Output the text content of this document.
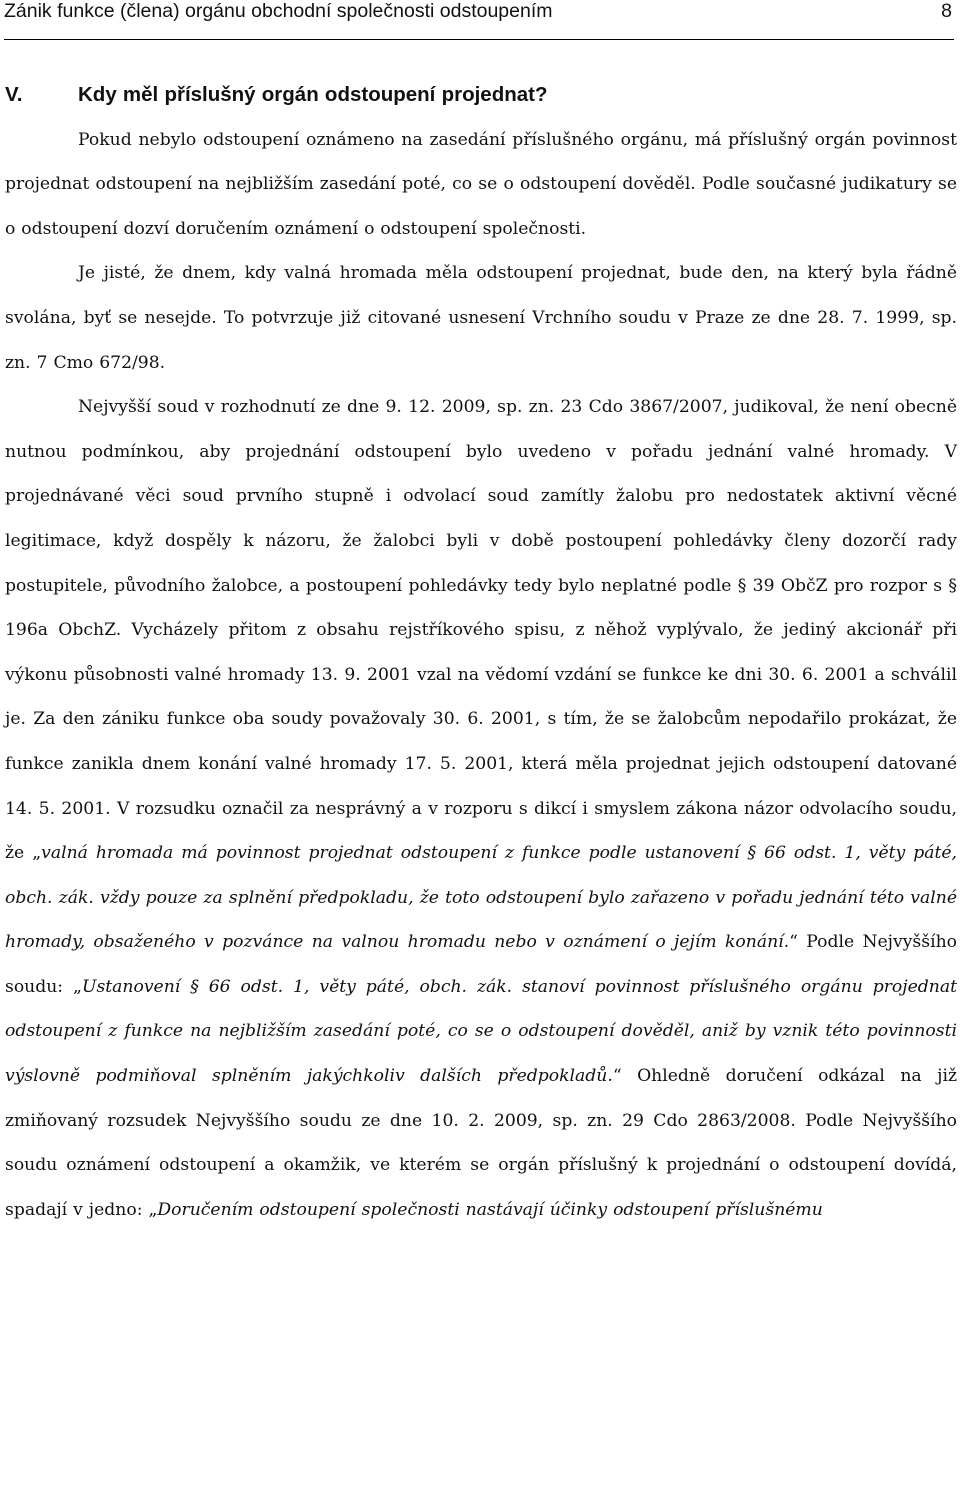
Zánik funkce (člena) orgánu obchodní společnosti odstoupením	8
V.	Kdy měl příslušný orgán odstoupení projednat?

Pokud nebylo odstoupení oznámeno na zasedání příslušného orgánu, má příslušný orgán povinnost projednat odstoupení na nejbližším zasedání poté, co se o odstoupení dověděl. Podle současné judikatury se o odstoupení dozví doručením oznámení o odstoupení společnosti.

Je jisté, že dnem, kdy valná hromada měla odstoupení projednat, bude den, na který byla řádně svolána, byť se nesejde. To potvrzuje již citované usnesení Vrchního soudu v Praze ze dne 28. 7. 1999, sp. zn. 7 Cmo 672/98.

Nejvyšší soud v rozhodnutí ze dne 9. 12. 2009, sp. zn. 23 Cdo 3867/2007, judikoval, že není obecně nutnou podmínkou, aby projednání odstoupení bylo uvedeno v pořadu jednání valné hromady. V projednávané věci soud prvního stupně i odvolací soud zamítly žalobu pro nedostatek aktivní věcné legitimace, když dospěly k názoru, že žalobci byli v době postoupení pohledávky členy dozorčí rady postupitele, původního žalobce, a postoupení pohledávky tedy bylo neplatné podle § 39 ObčZ pro rozpor s § 196a ObchZ. Vycházely přitom z obsahu rejstříkového spisu, z něhož vyplývalo, že jediný akcionář při výkonu působnosti valné hromady 13. 9. 2001 vzal na vědomí vzdání se funkce ke dni 30. 6. 2001 a schválil je. Za den zániku funkce oba soudy považovaly 30. 6. 2001, s tím, že se žalobcům nepodařilo prokázat, že funkce zanikla dnem konání valné hromady 17. 5. 2001, která měla projednat jejich odstoupení datované 14. 5. 2001. V rozsudku označil za nesprávný a v rozporu s dikcí i smyslem zákona názor odvolacího soudu, že „valná hromada má povinnost projednat odstoupení z funkce podle ustanovení § 66 odst. 1, věty páté, obch. zák. vždy pouze za splnění předpokladu, že toto odstoupení bylo zařazeno v pořadu jednání této valné hromady, obsaženého v pozvánce na valnou hromadu nebo v oznámení o jejím konání.“ Podle Nejvyššího soudu: „Ustanovení § 66 odst. 1, věty páté, obch. zák. stanoví povinnost příslušného orgánu projednat odstoupení z funkce na nejbližším zasedání poté, co se o odstoupení dověděl, aniž by vznik této povinnosti výslovně podmiňoval splněním jakýchkoliv dalších předpokladů.“ Ohledně doručení odkázal na již zmiňovaný rozsudek Nejvyššího soudu ze dne 10. 2. 2009, sp. zn. 29 Cdo 2863/2008. Podle Nejvyššího soudu oznámení odstoupení a okamžik, ve kterém se orgán příslušný k projednání o odstoupení dovídá, spadají v jedno: „Doručením odstoupení společnosti nastávají účinky odstoupení příslušnému
